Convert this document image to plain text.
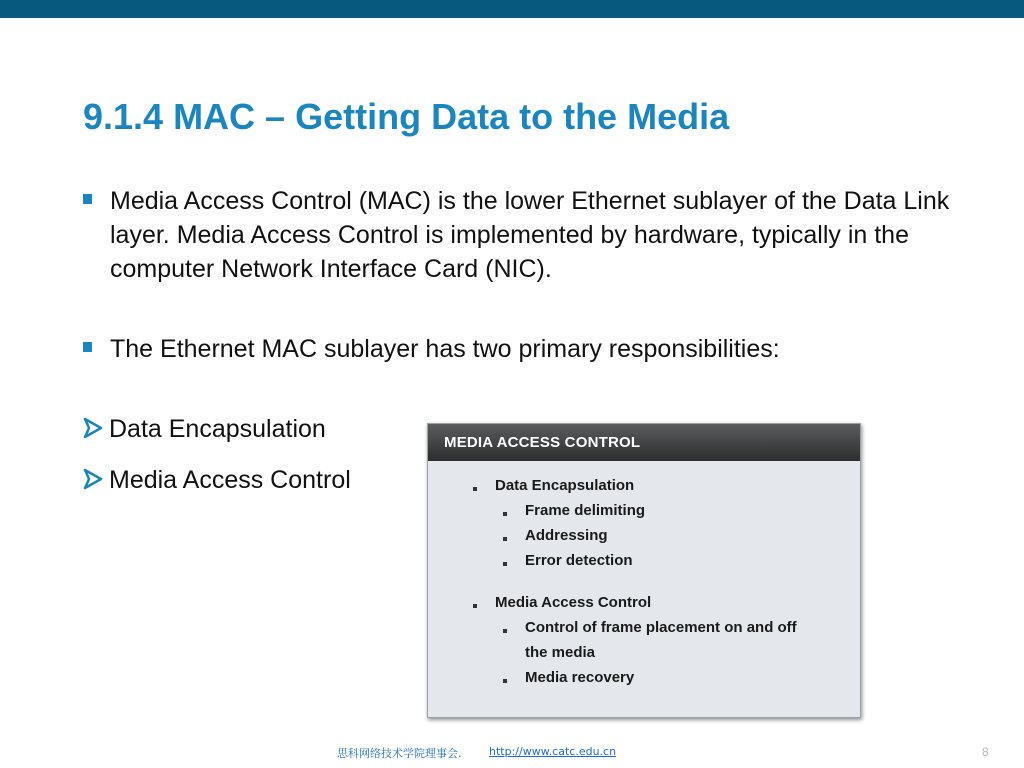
9.1.4 MAC – Getting Data to the Media
Media Access Control (MAC) is the lower Ethernet sublayer of the Data Link layer. Media Access Control is implemented by hardware, typically in the computer Network Interface Card (NIC).
The Ethernet MAC sublayer has two primary responsibilities:
Data Encapsulation
Media Access Control
MEDIA ACCESS CONTROL
Data Encapsulation
Frame delimiting
Addressing
Error detection
Media Access Control
Control of frame placement on and off
the media
Media recovery
思科网络技术学院理事会.	http://www.catc.edu.cn	8
